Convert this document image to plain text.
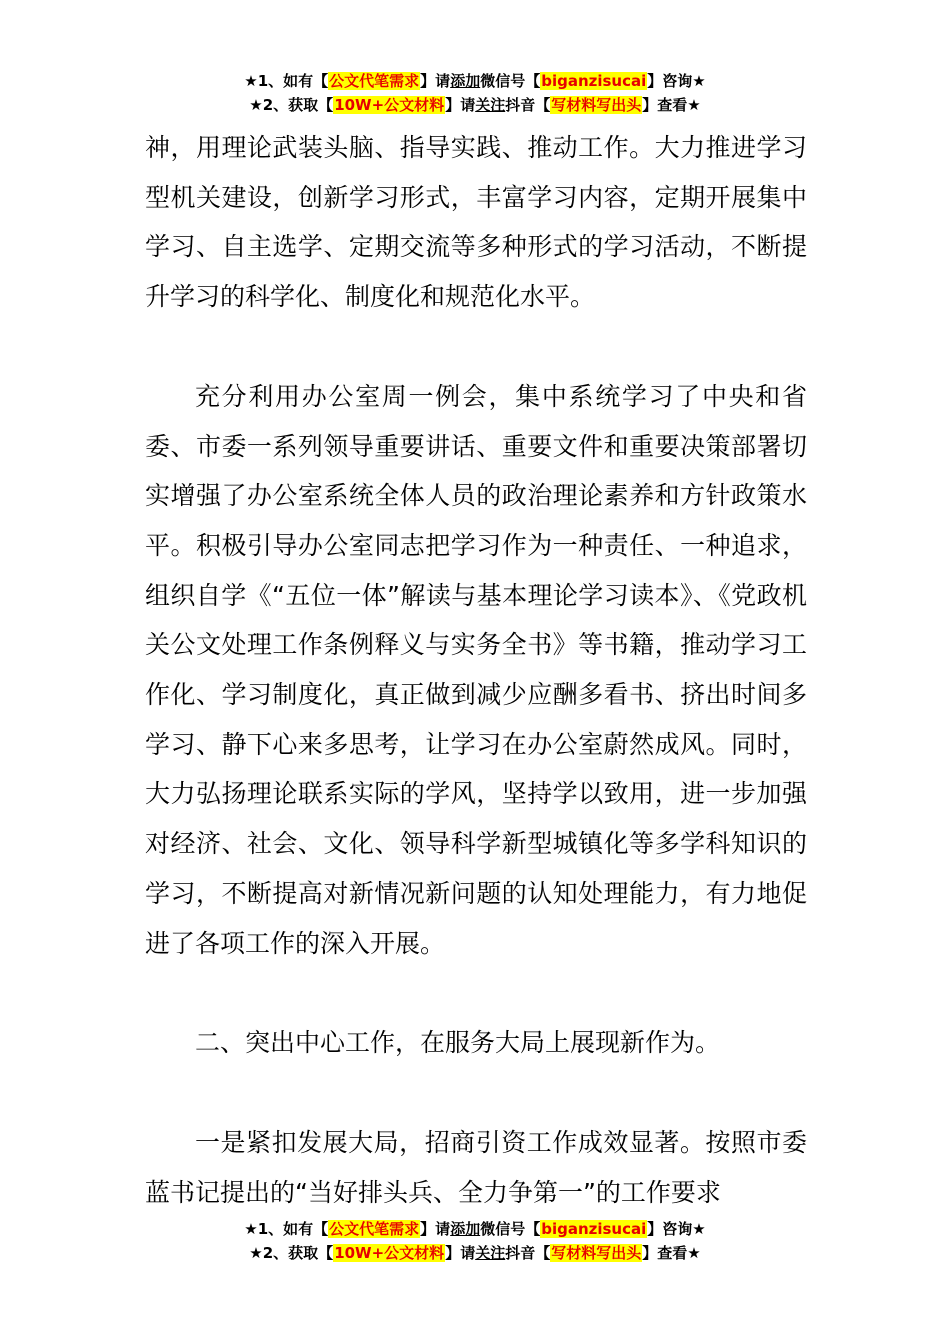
★1、如有【公文代笔需求】请添加微信号【biganzisucai】咨询★
★2、获取【10W+公文材料】请关注抖音【写材料写出头】查看★

神，用理论武装头脑、指导实践、推动工作。大力推进学习型机关建设，创新学习形式，丰富学习内容，定期开展集中学习、自主选学、定期交流等多种形式的学习活动，不断提升学习的科学化、制度化和规范化水平。

充分利用办公室周一例会，集中系统学习了中央和省委、市委一系列领导重要讲话、重要文件和重要决策部署切实增强了办公室系统全体人员的政治理论素养和方针政策水平。积极引导办公室同志把学习作为一种责任、一种追求，组织自学《“五位一体”解读与基本理论学习读本》、《党政机关公文处理工作条例释义与实务全书》等书籍，推动学习工作化、学习制度化，真正做到减少应酬多看书、挤出时间多学习、静下心来多思考，让学习在办公室蔚然成风。同时，大力弘扬理论联系实际的学风，坚持学以致用，进一步加强对经济、社会、文化、领导科学新型城镇化等多学科知识的学习，不断提高对新情况新问题的认知处理能力，有力地促进了各项工作的深入开展。

二、突出中心工作，在服务大局上展现新作为。

一是紧扣发展大局，招商引资工作成效显著。按照市委蓝书记提出的“当好排头兵、全力争第一”的工作要求

★1、如有【公文代笔需求】请添加微信号【biganzisucai】咨询★
★2、获取【10W+公文材料】请关注抖音【写材料写出头】查看★
